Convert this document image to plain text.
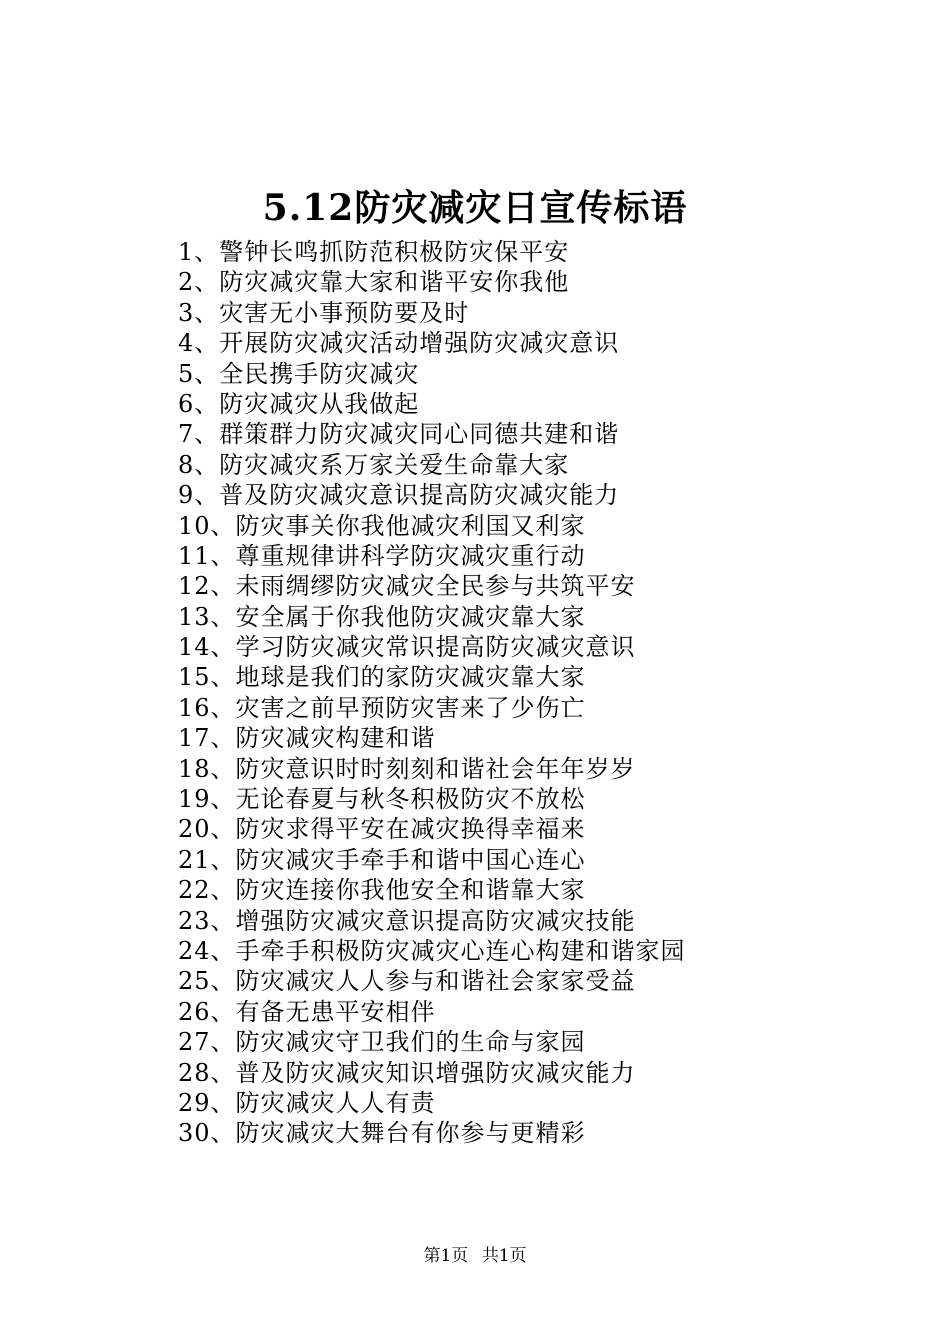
5.12防灾减灾日宣传标语
1、警钟长鸣抓防范积极防灾保平安
2、防灾减灾靠大家和谐平安你我他
3、灾害无小事预防要及时
4、开展防灾减灾活动增强防灾减灾意识
5、全民携手防灾减灾
6、防灾减灾从我做起
7、群策群力防灾减灾同心同德共建和谐
8、防灾减灾系万家关爱生命靠大家
9、普及防灾减灾意识提高防灾减灾能力
10、防灾事关你我他减灾利国又利家
11、尊重规律讲科学防灾减灾重行动
12、未雨绸缪防灾减灾全民参与共筑平安
13、安全属于你我他防灾减灾靠大家
14、学习防灾减灾常识提高防灾减灾意识
15、地球是我们的家防灾减灾靠大家
16、灾害之前早预防灾害来了少伤亡
17、防灾减灾构建和谐
18、防灾意识时时刻刻和谐社会年年岁岁
19、无论春夏与秋冬积极防灾不放松
20、防灾求得平安在减灾换得幸福来
21、防灾减灾手牵手和谐中国心连心
22、防灾连接你我他安全和谐靠大家
23、增强防灾减灾意识提高防灾减灾技能
24、手牵手积极防灾减灾心连心构建和谐家园
25、防灾减灾人人参与和谐社会家家受益
26、有备无患平安相伴
27、防灾减灾守卫我们的生命与家园
28、普及防灾减灾知识增强防灾减灾能力
29、防灾减灾人人有责
30、防灾减灾大舞台有你参与更精彩
第1页 共1页
